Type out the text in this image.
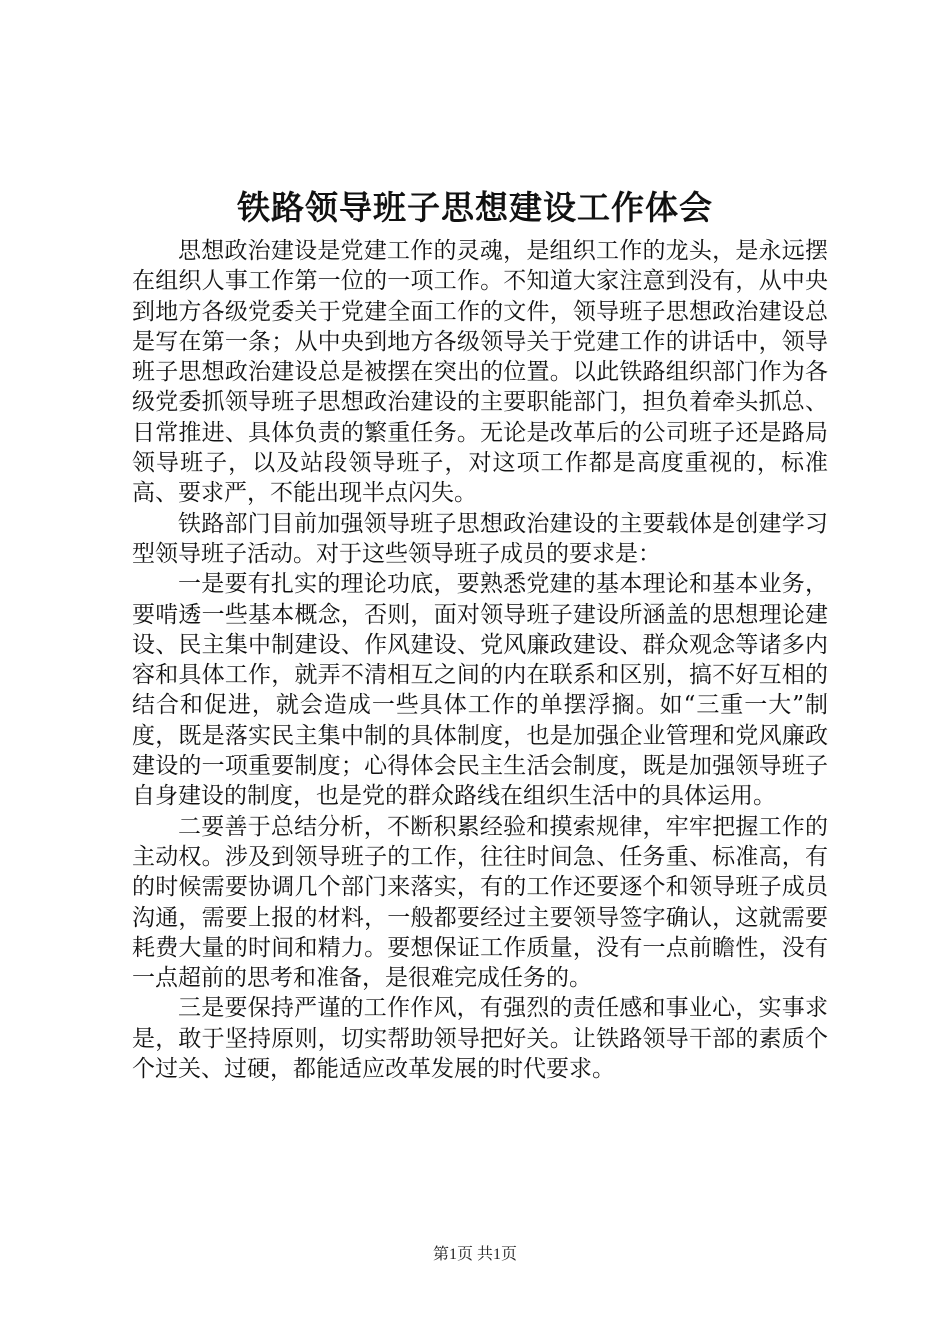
铁路领导班子思想建设工作体会

思想政治建设是党建工作的灵魂，是组织工作的龙头，是永远摆在组织人事工作第一位的一项工作。不知道大家注意到没有，从中央到地方各级党委关于党建全面工作的文件，领导班子思想政治建设总是写在第一条；从中央到地方各级领导关于党建工作的讲话中，领导班子思想政治建设总是被摆在突出的位置。以此铁路组织部门作为各级党委抓领导班子思想政治建设的主要职能部门，担负着牵头抓总、日常推进、具体负责的繁重任务。无论是改革后的公司班子还是路局领导班子，以及站段领导班子，对这项工作都是高度重视的，标准高、要求严，不能出现半点闪失。

铁路部门目前加强领导班子思想政治建设的主要载体是创建学习型领导班子活动。对于这些领导班子成员的要求是：

一是要有扎实的理论功底，要熟悉党建的基本理论和基本业务，要啃透一些基本概念，否则，面对领导班子建设所涵盖的思想理论建设、民主集中制建设、作风建设、党风廉政建设、群众观念等诸多内容和具体工作，就弄不清相互之间的内在联系和区别，搞不好互相的结合和促进，就会造成一些具体工作的单摆浮搁。如“三重一大”制度，既是落实民主集中制的具体制度，也是加强企业管理和党风廉政建设的一项重要制度；心得体会民主生活会制度，既是加强领导班子自身建设的制度，也是党的群众路线在组织生活中的具体运用。

二要善于总结分析，不断积累经验和摸索规律，牢牢把握工作的主动权。涉及到领导班子的工作，往往时间急、任务重、标准高，有的时候需要协调几个部门来落实，有的工作还要逐个和领导班子成员沟通，需要上报的材料，一般都要经过主要领导签字确认，这就需要耗费大量的时间和精力。要想保证工作质量，没有一点前瞻性，没有一点超前的思考和准备，是很难完成任务的。

三是要保持严谨的工作作风，有强烈的责任感和事业心，实事求是，敢于坚持原则，切实帮助领导把好关。让铁路领导干部的素质个个过关、过硬，都能适应改革发展的时代要求。

第1页 共1页
